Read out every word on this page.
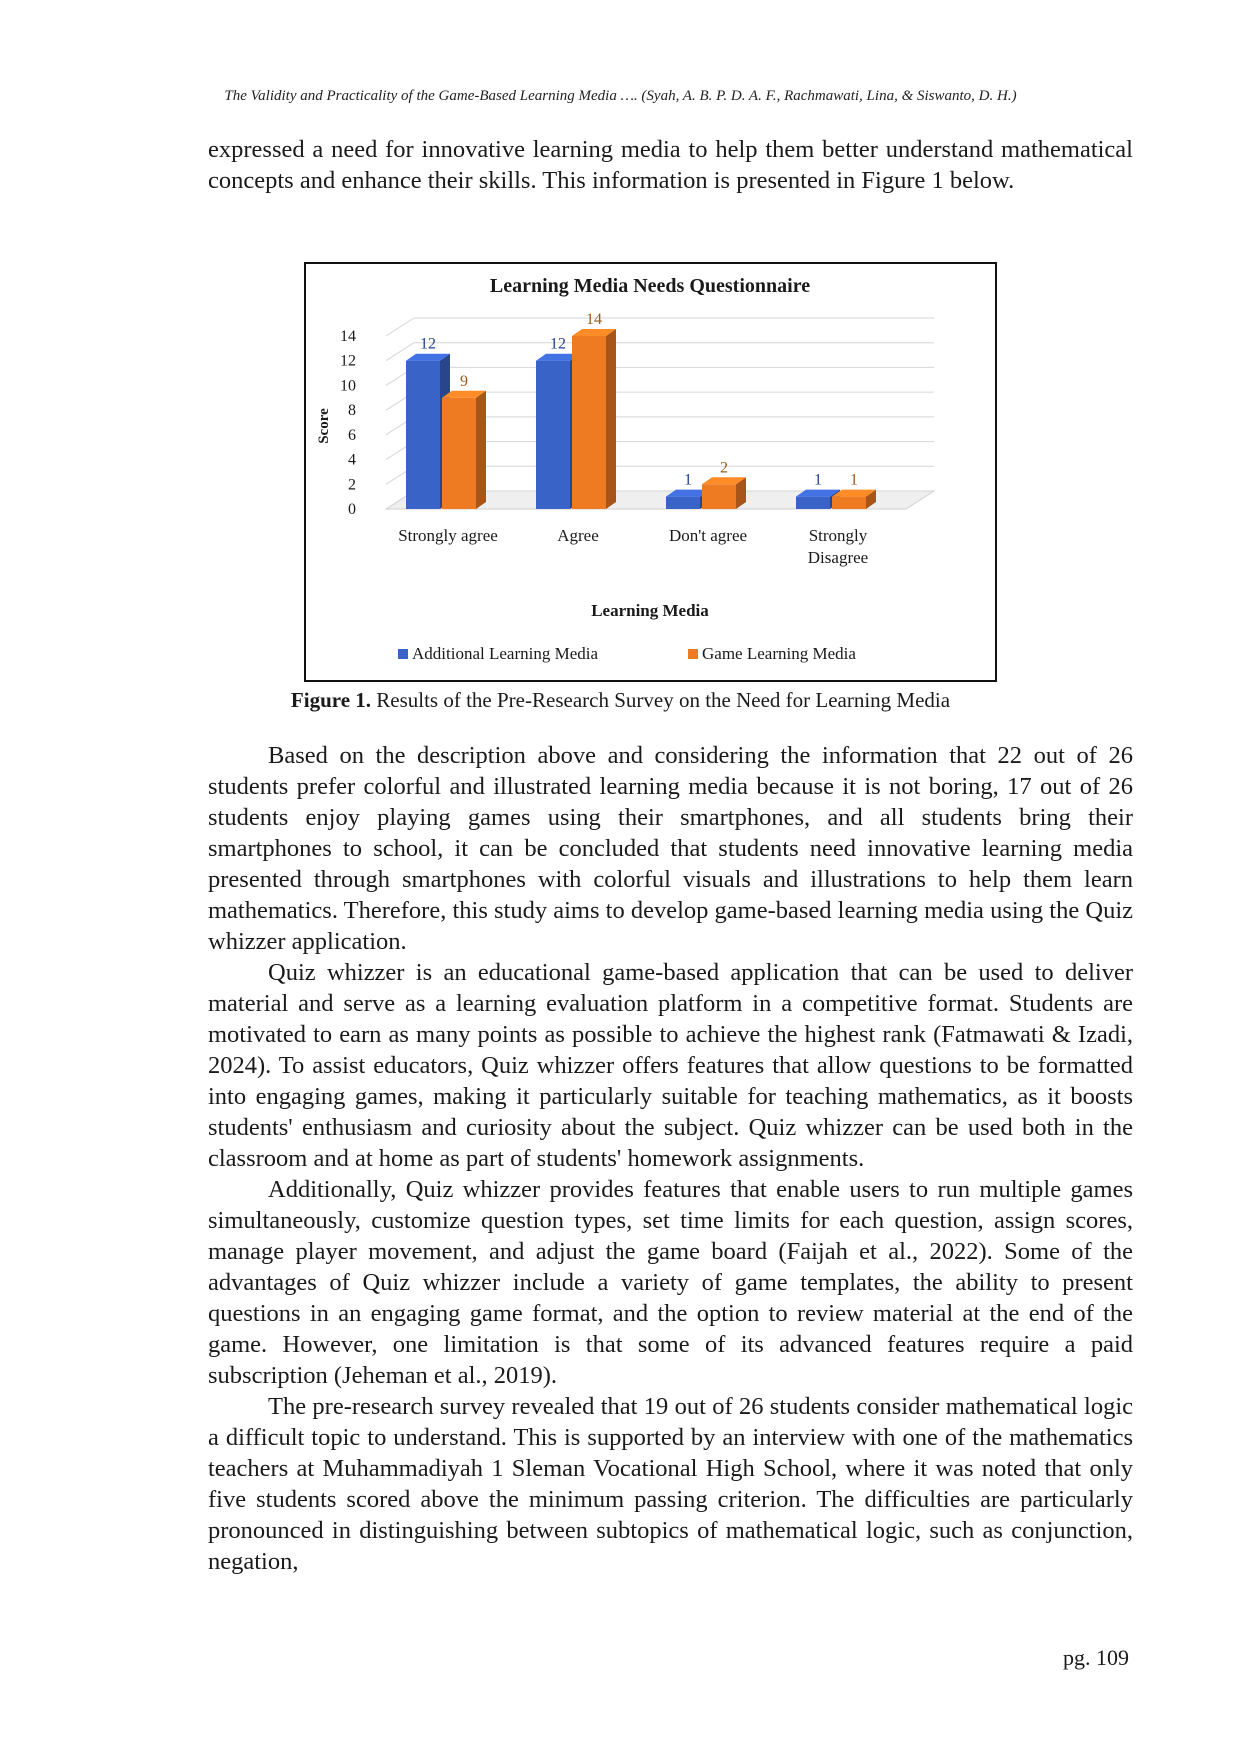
The Validity and Practicality of the Game-Based Learning Media …. (Syah, A. B. P. D. A. F., Rachmawati, Lina, & Siswanto, D. H.)

expressed a need for innovative learning media to help them better understand mathematical concepts and enhance their skills. This information is presented in Figure 1 below.

Learning Media Needs Questionnaire
0
2
4
6
8
10
12
14
Score
12
9
Strongly agree
12
14
Agree
1
2
Don't agree
1 1
Strongly
Disagree
Learning Media
Additional Learning Media	Game Learning Media
Figure 1. Results of the Pre-Research Survey on the Need for Learning Media

Based on the description above and considering the information that 22 out of 26 students prefer colorful and illustrated learning media because it is not boring, 17 out of 26 students enjoy playing games using their smartphones, and all students bring their smartphones to school, it can be concluded that students need innovative learning media presented through smartphones with colorful visuals and illustrations to help them learn mathematics. Therefore, this study aims to develop game-based learning media using the Quiz whizzer application.

Quiz whizzer is an educational game-based application that can be used to deliver material and serve as a learning evaluation platform in a competitive format. Students are motivated to earn as many points as possible to achieve the highest rank (Fatmawati & Izadi, 2024). To assist educators, Quiz whizzer offers features that allow questions to be formatted into engaging games, making it particularly suitable for teaching mathematics, as it boosts students' enthusiasm and curiosity about the subject. Quiz whizzer can be used both in the classroom and at home as part of students' homework assignments.

Additionally, Quiz whizzer provides features that enable users to run multiple games simultaneously, customize question types, set time limits for each question, assign scores, manage player movement, and adjust the game board (Faijah et al., 2022). Some of the advantages of Quiz whizzer include a variety of game templates, the ability to present questions in an engaging game format, and the option to review material at the end of the game. However, one limitation is that some of its advanced features require a paid subscription (Jeheman et al., 2019).

The pre-research survey revealed that 19 out of 26 students consider mathematical logic a difficult topic to understand. This is supported by an interview with one of the mathematics teachers at Muhammadiyah 1 Sleman Vocational High School, where it was noted that only five students scored above the minimum passing criterion. The difficulties are particularly pronounced in distinguishing between subtopics of mathematical logic, such as conjunction, negation,

pg. 109
